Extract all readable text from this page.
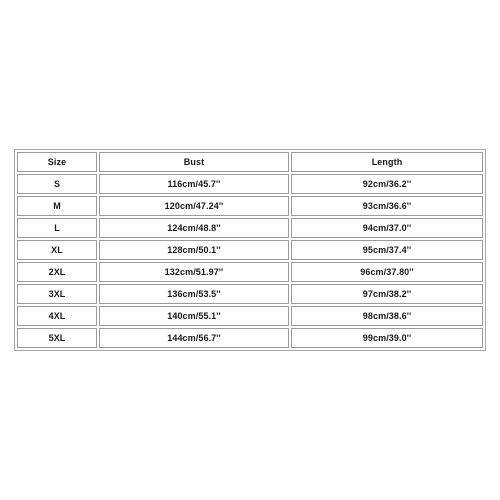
Size	Bust	Length
S	116cm/45.7''	92cm/36.2''
M	120cm/47.24''	93cm/36.6''
L	124cm/48.8''	94cm/37.0''
XL	128cm/50.1''	95cm/37.4''
2XL	132cm/51.97''	96cm/37.80''
3XL	136cm/53.5''	97cm/38.2''
4XL	140cm/55.1''	98cm/38.6''
5XL	144cm/56.7''	99cm/39.0''
